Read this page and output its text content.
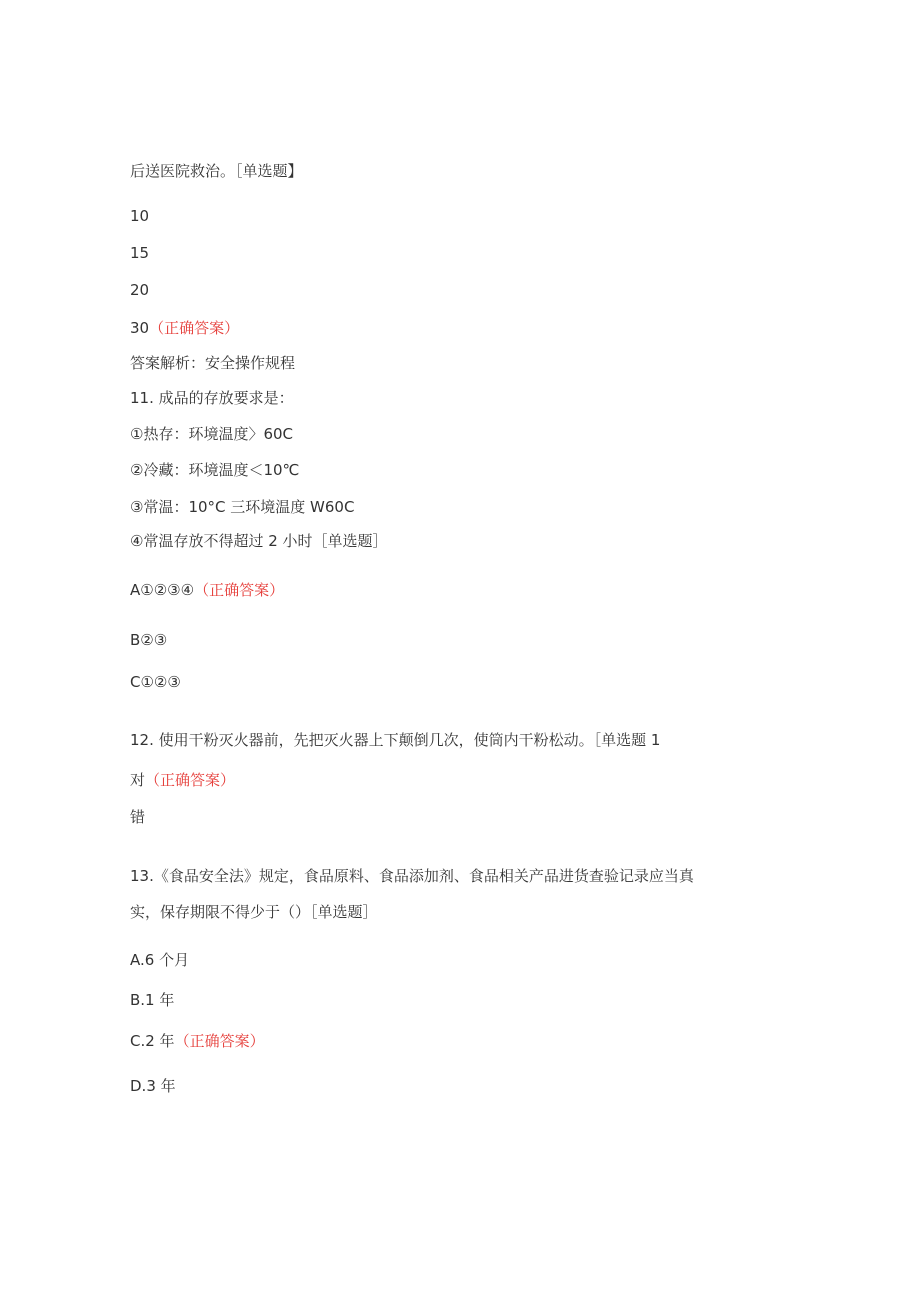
后送医院救治。［单选题】
10
15
20
30（正确答案）
答案解析：安全操作规程
11. 成品的存放要求是：
①热存：环境温度〉60C
②冷藏：环境温度＜10℃
③常温：10°C 三环境温度 W60C
④常温存放不得超过 2 小时［单选题］
A①②③④（正确答案）
B②③
C①②③
12. 使用干粉灭火器前，先把灭火器上下颠倒几次，使筒内干粉松动。［单选题 1
对（正确答案）
错
13.《食品安全法》规定，食品原料、食品添加剂、食品相关产品进货查验记录应当真
实，保存期限不得少于（）［单选题］
A.6 个月
B.1 年
C.2 年（正确答案）
D.3 年
